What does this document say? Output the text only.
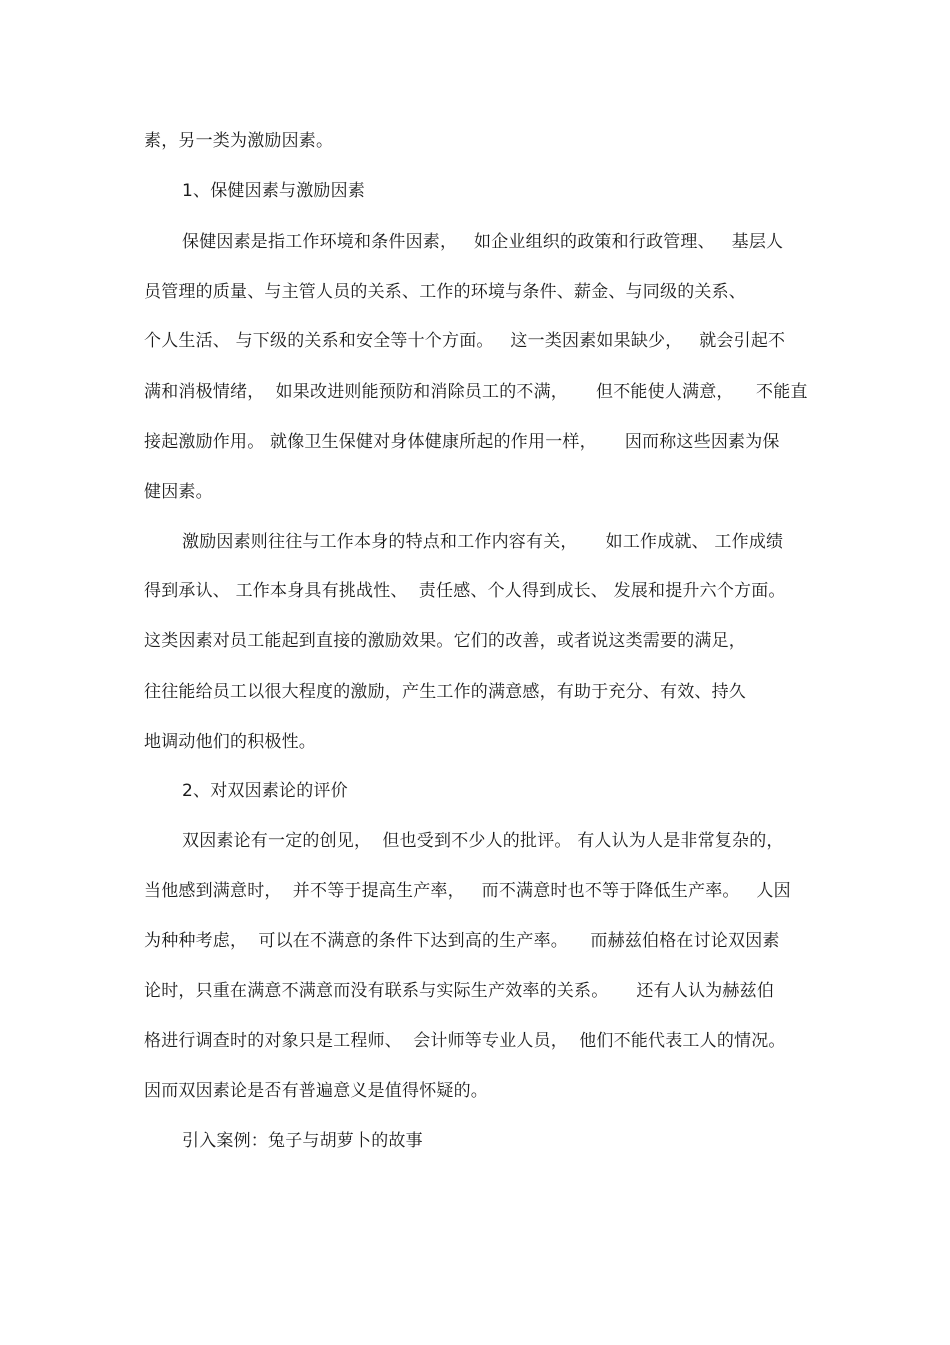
素，另一类为激励因素。
1、保健因素与激励因素
保健因素是指工作环境和条件因素，   如企业组织的政策和行政管理、   基层人
员管理的质量、与主管人员的关系、工作的环境与条件、薪金、与同级的关系、
个人生活、 与下级的关系和安全等十个方面。   这一类因素如果缺少，   就会引起不
满和消极情绪，  如果改进则能预防和消除员工的不满，     但不能使人满意，    不能直
接起激励作用。 就像卫生保健对身体健康所起的作用一样，     因而称这些因素为保
健因素。
激励因素则往往与工作本身的特点和工作内容有关，     如工作成就、 工作成绩
得到承认、 工作本身具有挑战性、  责任感、个人得到成长、 发展和提升六个方面。
这类因素对员工能起到直接的激励效果。它们的改善，或者说这类需要的满足，
往往能给员工以很大程度的激励，产生工作的满意感，有助于充分、有效、持久
地调动他们的积极性。
2、对双因素论的评价
双因素论有一定的创见，  但也受到不少人的批评。 有人认为人是非常复杂的，
当他感到满意时，  并不等于提高生产率，   而不满意时也不等于降低生产率。   人因
为种种考虑，  可以在不满意的条件下达到高的生产率。    而赫兹伯格在讨论双因素
论时，只重在满意不满意而没有联系与实际生产效率的关系。     还有人认为赫兹伯
格进行调查时的对象只是工程师、  会计师等专业人员，  他们不能代表工人的情况。
因而双因素论是否有普遍意义是值得怀疑的。
引入案例：兔子与胡萝卜的故事
